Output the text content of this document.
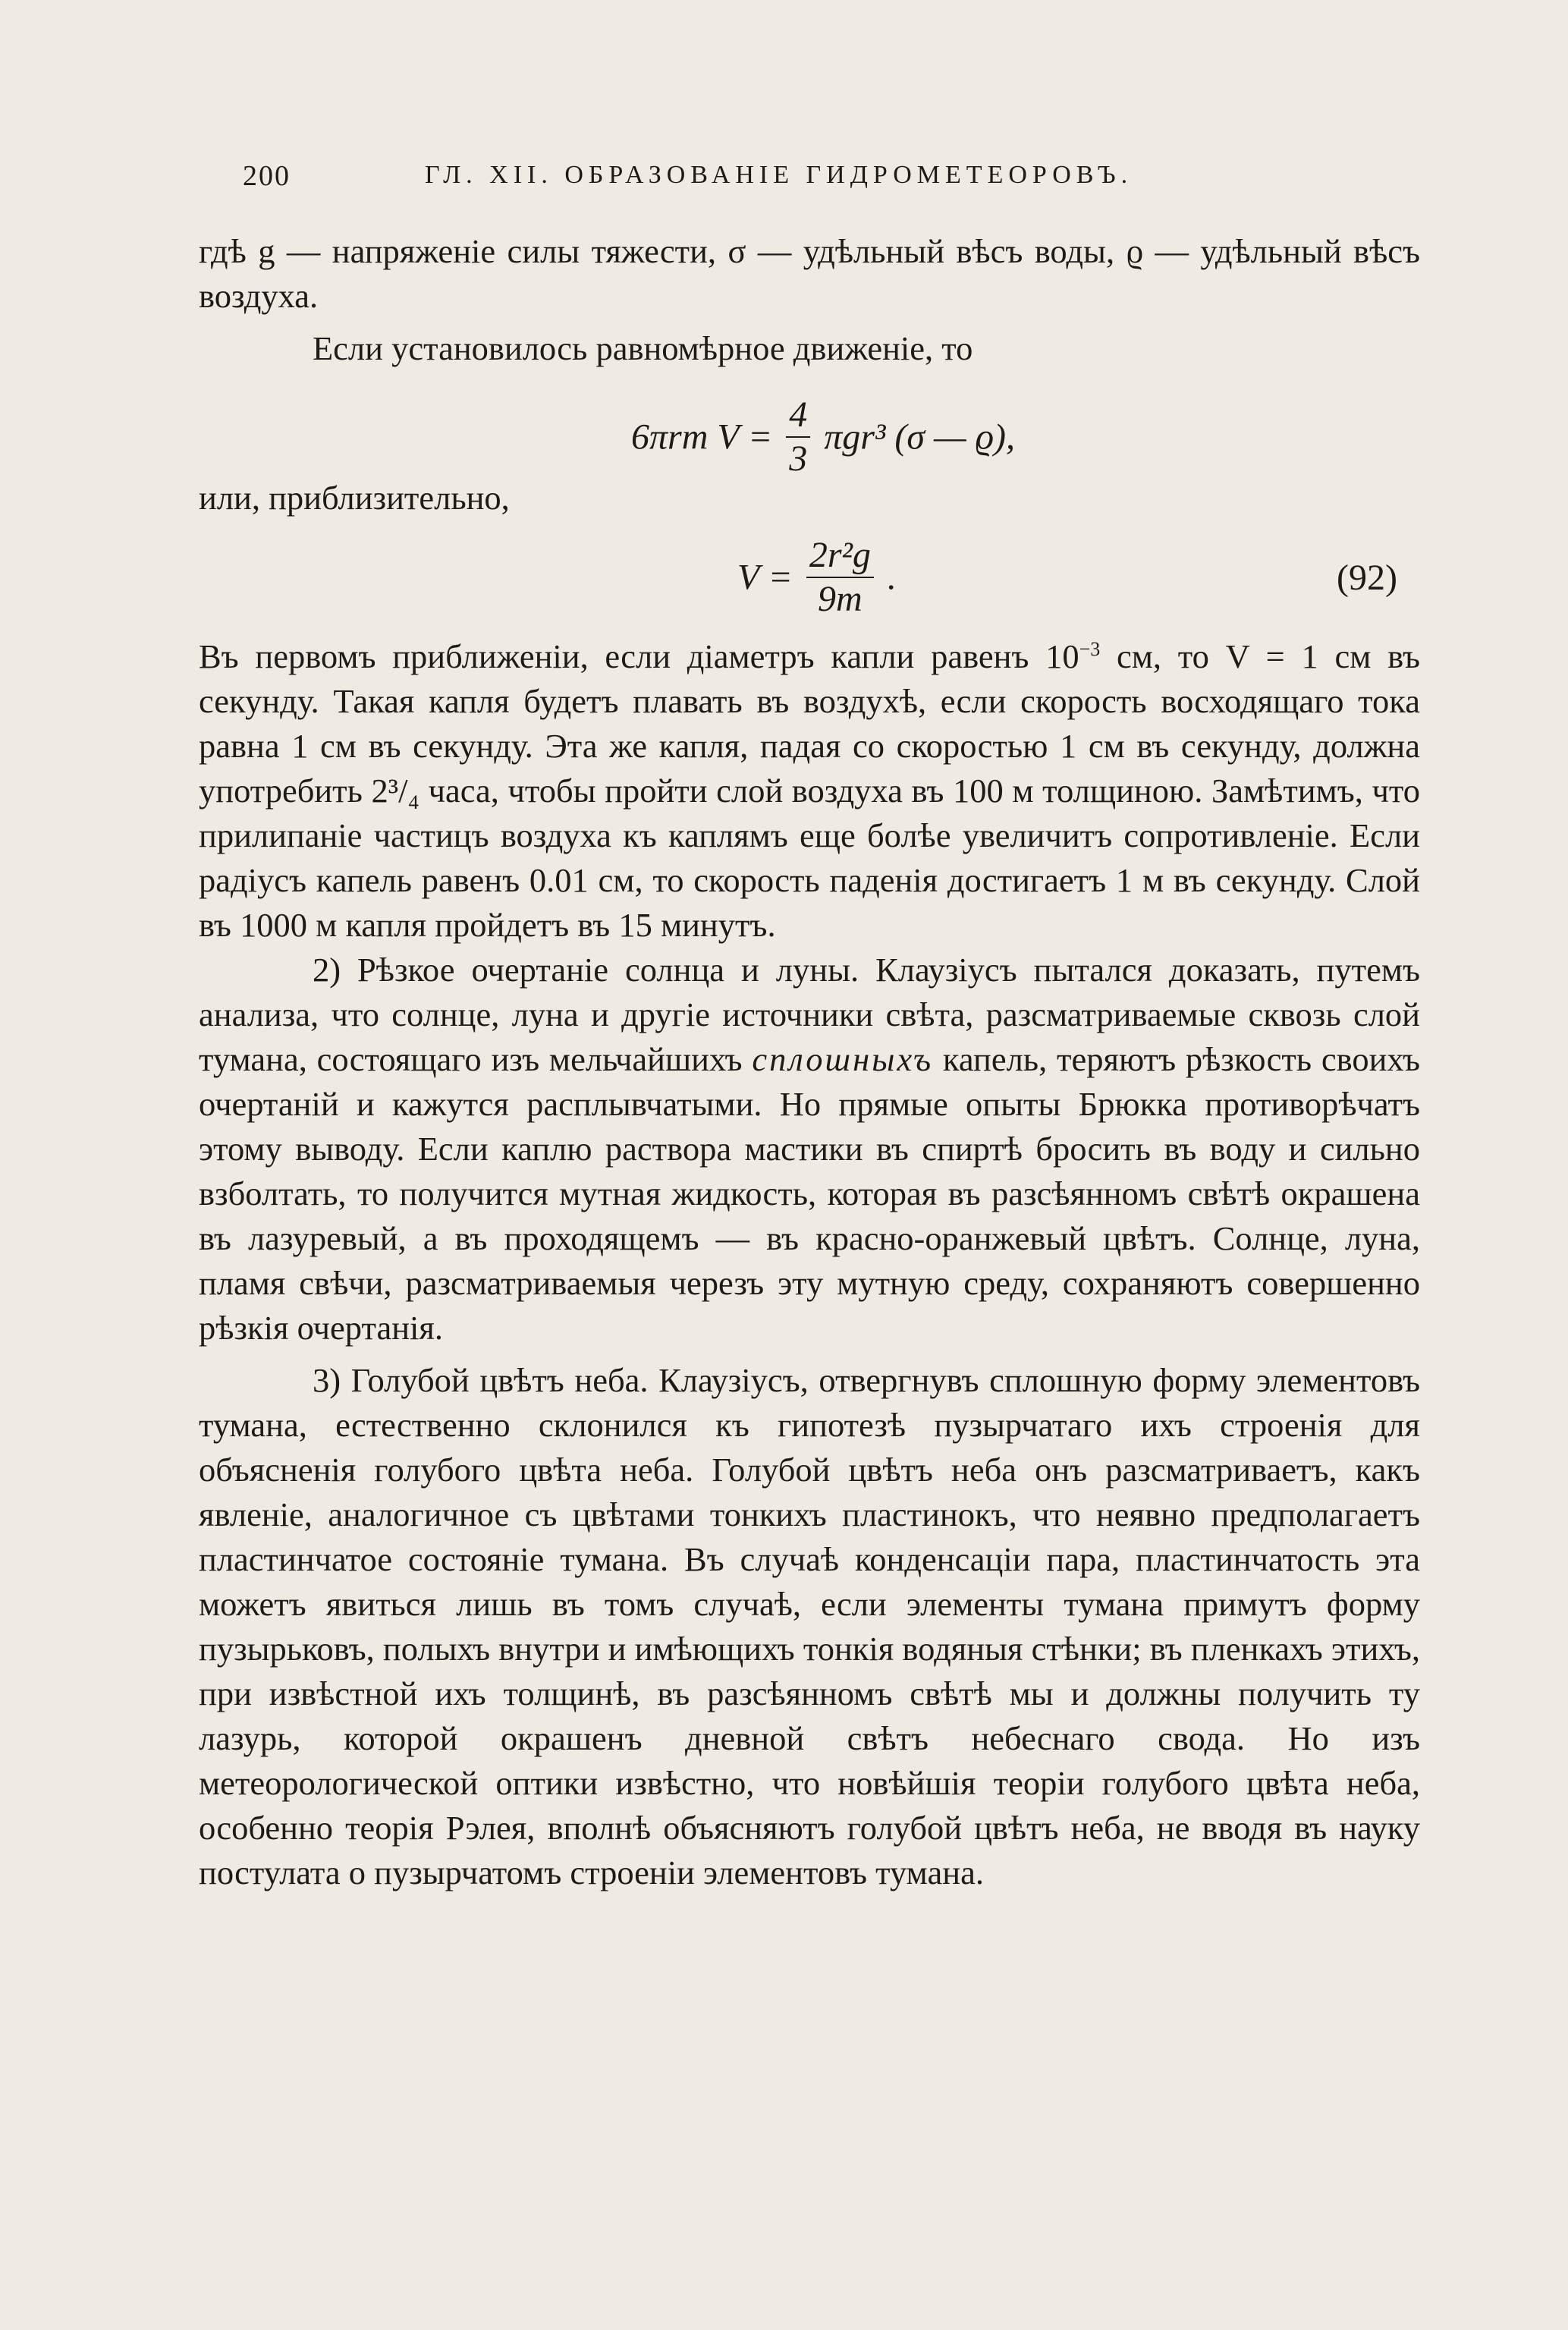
200	ГЛ. XII. ОБРАЗОВАНІЕ ГИДРОМЕТЕОРОВЪ.

гдѣ g — напряженіе силы тяжести, σ — удѣльный вѣсъ воды, ϱ — удѣльный вѣсъ воздуха.

Если установилось равномѣрное движеніе, то

6πrm $V = \frac{4}{3} \pi gr^3$ (σ — ϱ),

или, приблизительно,

$V = \frac{\text{2r²g}}{9m}$ .	(92)

Въ первомъ приближеніи, если діаметръ капли равенъ $10^{-3}$ см, то V = 1 см въ секунду. Такая капля будетъ плавать въ воздухѣ, если скорость восходящаго тока равна 1 см въ секунду. Эта же капля, падая со скоростью 1 см въ секунду, должна употребить 2³/₄ часа, чтобы пройти слой воздуха въ 100 м толщиною. Замѣтимъ, что прилипаніе частицъ воздуха къ каплямъ еще болѣе увеличитъ сопротивленіе. Если радіусъ капель равенъ 0.01 см, то скорость паденія достигаетъ 1 м въ секунду. Слой въ 1000 м капля пройдетъ въ 15 минутъ.

2) Рѣзкое очертаніе солнца и луны. Клаузіусъ пытался доказать, путемъ анализа, что солнце, луна и другіе источники свѣта, разсматриваемые сквозь слой тумана, состоящаго изъ мельчайшихъ сплошныхъ капель, теряютъ рѣзкость своихъ очертаній и кажутся расплывчатыми. Но прямые опыты Брюкка противорѣчатъ этому выводу. Если каплю раствора мастики въ спиртѣ бросить въ воду и сильно взболтать, то получится мутная жидкость, которая въ разсѣянномъ свѣтѣ окрашена въ лазуревый, а въ проходящемъ — въ красно-оранжевый цвѣтъ. Солнце, луна, пламя свѣчи, разсматриваемыя черезъ эту мутную среду, сохраняютъ совершенно рѣзкія очертанія.

3) Голубой цвѣтъ неба. Клаузіусъ, отвергнувъ сплошную форму элементовъ тумана, естественно склонился къ гипотезѣ пузырчатаго ихъ строенія для объясненія голубого цвѣта неба. Голубой цвѣтъ неба онъ разсматриваетъ, какъ явленіе, аналогичное съ цвѣтами тонкихъ пластинокъ, что неявно предполагаетъ пластинчатое состояніе тумана. Въ случаѣ конденсаціи пара, пластинчатость эта можетъ явиться лишь въ томъ случаѣ, если элементы тумана примутъ форму пузырьковъ, полыхъ внутри и имѣющихъ тонкія водяныя стѣнки; въ пленкахъ этихъ, при извѣстной ихъ толщинѣ, въ разсѣянномъ свѣтѣ мы и должны получить ту лазурь, которой окрашенъ дневной свѣтъ небеснаго свода. Но изъ метеорологической оптики извѣстно, что новѣйшія теоріи голубого цвѣта неба, особенно теорія Рэлея, вполнѣ объясняютъ голубой цвѣтъ неба, не вводя въ науку постулата о пузырчатомъ строеніи элементовъ тумана.
